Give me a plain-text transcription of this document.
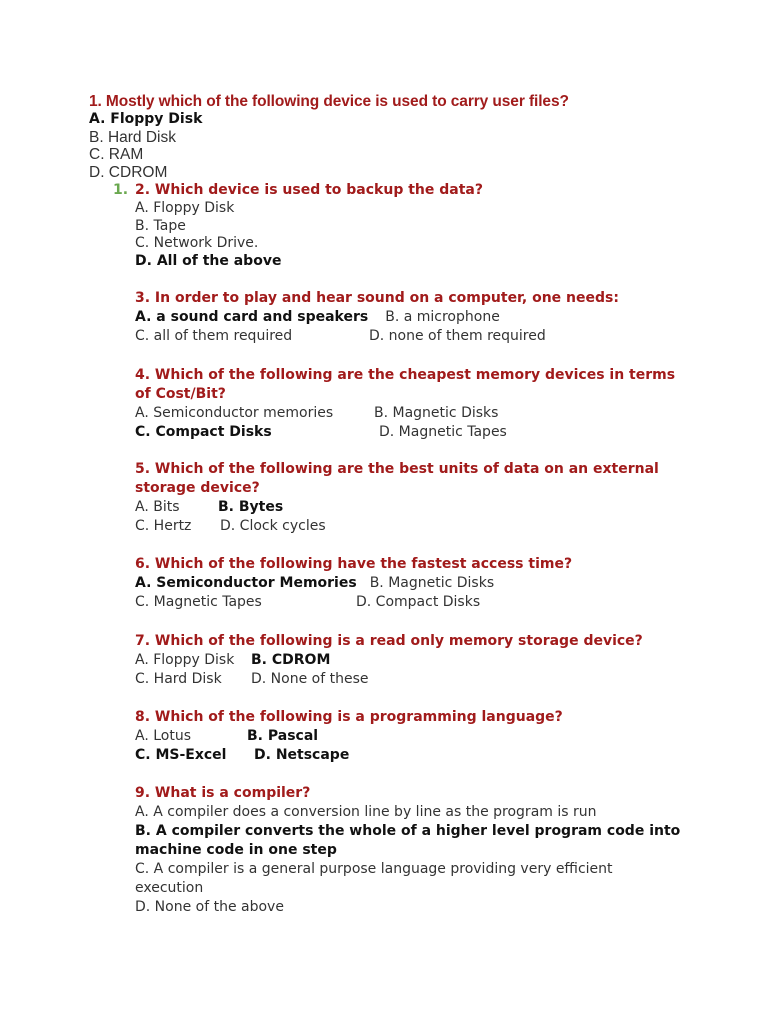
1. Mostly which of the following device is used to carry user files?
A. Floppy Disk
B. Hard Disk
C. RAM
D. CDROM
1. 2. Which device is used to backup the data?
A. Floppy Disk
B. Tape
C. Network Drive.
D. All of the above
3. In order to play and hear sound on a computer, one needs:
A. a sound card and speakers B. a microphone
C. all of them required	D. none of them required
4. Which of the following are the cheapest memory devices in terms of Cost/Bit?
A. Semiconductor memories	B. Magnetic Disks
C. Compact Disks	D. Magnetic Tapes
5. Which of the following are the best units of data on an external storage device?
A. Bits	B. Bytes
C. Hertz D. Clock cycles
6. Which of the following have the fastest access time?
A. Semiconductor Memories B. Magnetic Disks
C. Magnetic Tapes	D. Compact Disks
7. Which of the following is a read only memory storage device?
A. Floppy Disk B. CDROM
C. Hard Disk D. None of these
8. Which of the following is a programming language?
A. Lotus	B. Pascal
C. MS-Excel D. Netscape
9. What is a compiler?
A. A compiler does a conversion line by line as the program is run
B. A compiler converts the whole of a higher level program code into machine code in one step
C. A compiler is a general purpose language providing very efficient execution
D. None of the above
